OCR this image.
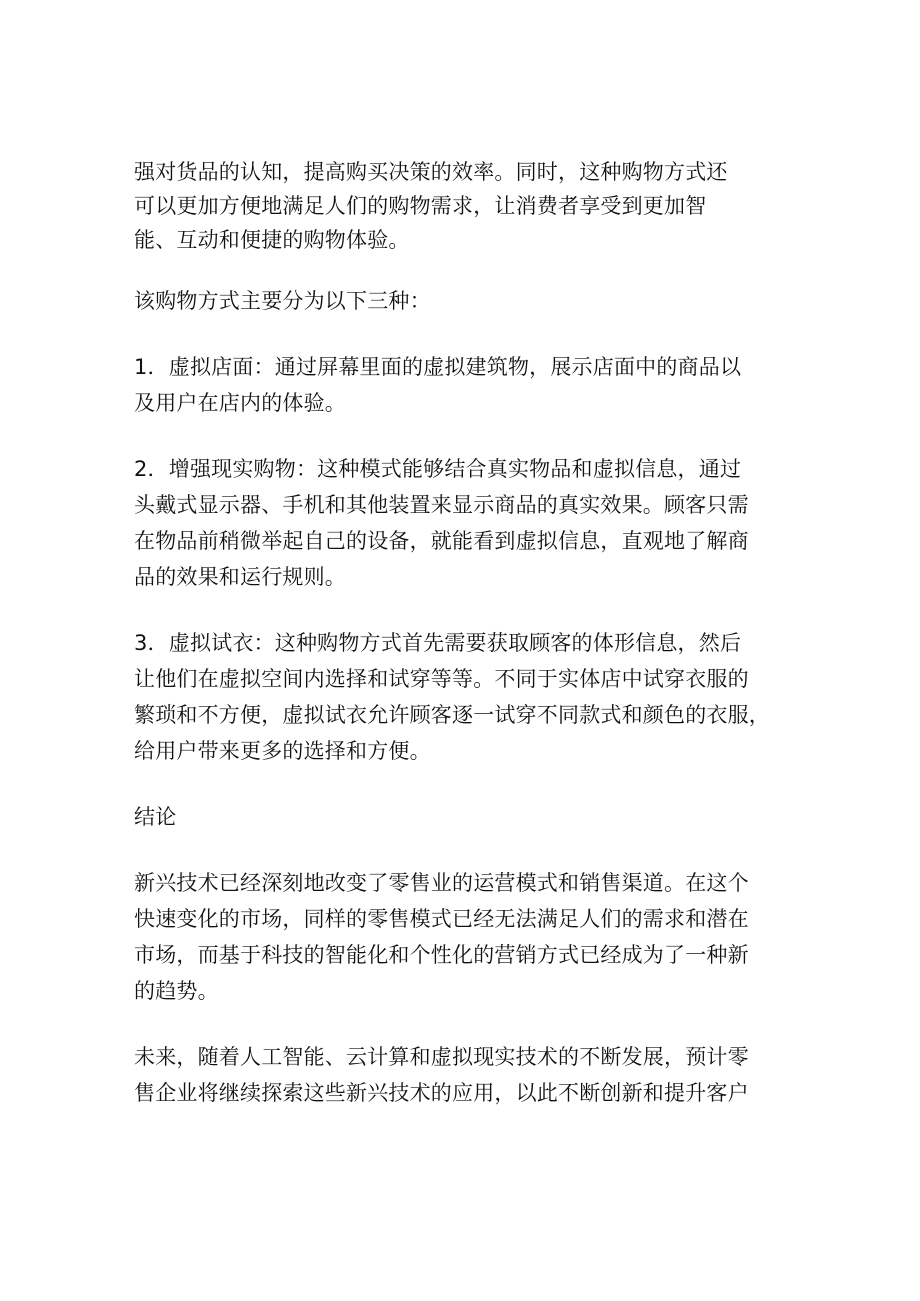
强对货品的认知，提高购买决策的效率。同时，这种购物方式还
可以更加方便地满足人们的购物需求，让消费者享受到更加智
能、互动和便捷的购物体验。

该购物方式主要分为以下三种：

1．虚拟店面：通过屏幕里面的虚拟建筑物，展示店面中的商品以
及用户在店内的体验。

2．增强现实购物：这种模式能够结合真实物品和虚拟信息，通过
头戴式显示器、手机和其他装置来显示商品的真实效果。顾客只需
在物品前稍微举起自己的设备，就能看到虚拟信息，直观地了解商
品的效果和运行规则。

3．虚拟试衣：这种购物方式首先需要获取顾客的体形信息，然后
让他们在虚拟空间内选择和试穿等等。不同于实体店中试穿衣服的
繁琐和不方便，虚拟试衣允许顾客逐一试穿不同款式和颜色的衣服，
给用户带来更多的选择和方便。

结论

新兴技术已经深刻地改变了零售业的运营模式和销售渠道。在这个
快速变化的市场，同样的零售模式已经无法满足人们的需求和潜在
市场，而基于科技的智能化和个性化的营销方式已经成为了一种新
的趋势。

未来，随着人工智能、云计算和虚拟现实技术的不断发展，预计零
售企业将继续探索这些新兴技术的应用，以此不断创新和提升客户
